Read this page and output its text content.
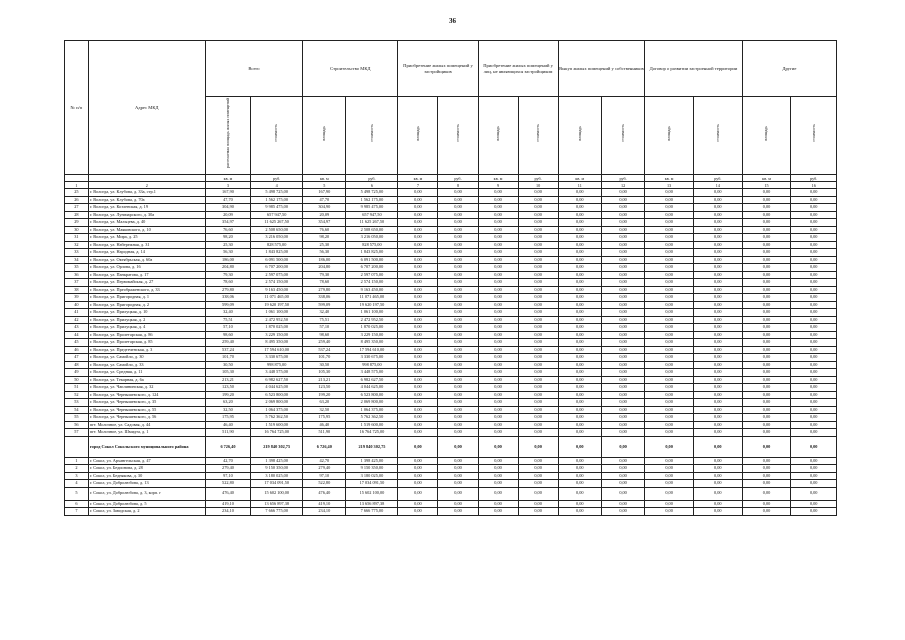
36
№ п/п	Адрес МКД	Всего		Строительство МКД		Приобретение жилых помещений у застройщиков		Приобретение жилых помещений у лиц, не являющихся застройщиком		Выкуп жилых помещений у собственников		Договор о развитии застроенной территории		Другие	
		расселяемая площадь жилых помещений	стоимость	площадь	стоимость	площадь	стоимость	площадь	стоимость	площадь	стоимость	площадь	стоимость	площадь	стоимость
		кв. м	руб.	кв. м	руб.	кв. м	руб.	кв. м	руб.	кв. м	руб.	кв. м	руб.	кв. м	руб.
1	2	3	4	5	6	7	8	9	10	11	12	13	14	15	16
25	г. Вологда, ул. Клубова, д. 33а, стр.1	167,90	5 498 725,00	167,90	5 498 725,00	0,00	0,00	0,00	0,00	0,00	0,00	0,00	0,00	0,00	0,00
26	г. Вологда, ул. Клубова, д. 70а	47,70	1 562 175,00	47,70	1 562 175,00	0,00	0,00	0,00	0,00	0,00	0,00	0,00	0,00	0,00	0,00
27	г. Вологда, ул. Козленская, д. 19	304,90	9 985 475,00	304,90	9 985 475,00	0,00	0,00	0,00	0,00	0,00	0,00	0,00	0,00	0,00	0,00
28	г. Вологда, ул. Луначарского, д. 30а	20,09	657 947,50	20,09	657 947,50	0,00	0,00	0,00	0,00	0,00	0,00	0,00	0,00	0,00	0,00
29	г. Вологда, ул. Мальцева, д. 40	354,97	11 625 267,50	354,97	11 625 267,50	0,00	0,00	0,00	0,00	0,00	0,00	0,00	0,00	0,00	0,00
30	г. Вологда, ул. Маяковского, д. 10	76,60	2 508 650,00	76,60	2 508 650,00	0,00	0,00	0,00	0,00	0,00	0,00	0,00	0,00	0,00	0,00
31	г. Вологда, ул. Мира, д. 25	98,20	3 216 050,00	98,20	3 216 050,00	0,00	0,00	0,00	0,00	0,00	0,00	0,00	0,00	0,00	0,00
32	г. Вологда, ул. Набережная, д. 31	25,30	828 575,00	25,30	828 575,00	0,00	0,00	0,00	0,00	0,00	0,00	0,00	0,00	0,00	0,00
33	г. Вологда, ул. Народная, д. 14	56,30	1 843 825,00	56,30	1 843 825,00	0,00	0,00	0,00	0,00	0,00	0,00	0,00	0,00	0,00	0,00
34	г. Вологда, ул. Октябрьская, д. 60а	186,00	6 091 500,00	186,00	6 091 500,00	0,00	0,00	0,00	0,00	0,00	0,00	0,00	0,00	0,00	0,00
35	г. Вологда, ул. Орлова, д. 16	204,80	6 707 200,00	204,80	6 707 200,00	0,00	0,00	0,00	0,00	0,00	0,00	0,00	0,00	0,00	0,00
36	г. Вологда, ул. Панкратова, д. 17	79,30	2 597 075,00	79,30	2 597 075,00	0,00	0,00	0,00	0,00	0,00	0,00	0,00	0,00	0,00	0,00
37	г. Вологда, ул. Первомайская, д. 27	78,60	2 574 150,00	78,60	2 574 150,00	0,00	0,00	0,00	0,00	0,00	0,00	0,00	0,00	0,00	0,00
38	г. Вологда, ул. Преображенского, д. 33	279,80	9 163 450,00	279,80	9 163 450,00	0,00	0,00	0,00	0,00	0,00	0,00	0,00	0,00	0,00	0,00
39	г. Вологда, ул. Пригородная, д. 1	338,06	11 071 465,00	338,06	11 071 465,00	0,00	0,00	0,00	0,00	0,00	0,00	0,00	0,00	0,00	0,00
40	г. Вологда, ул. Пригородная, д. 2	599,09	19 620 197,50	599,09	19 620 197,50	0,00	0,00	0,00	0,00	0,00	0,00	0,00	0,00	0,00	0,00
41	г. Вологда, ул. Прилуцкая, д. 10	32,40	1 061 100,00	32,40	1 061 100,00	0,00	0,00	0,00	0,00	0,00	0,00	0,00	0,00	0,00	0,00
42	г. Вологда, ул. Прилуцкая, д. 2	75,51	2 472 952,50	75,51	2 472 952,50	0,00	0,00	0,00	0,00	0,00	0,00	0,00	0,00	0,00	0,00
43	г. Вологда, ул. Прилуцкая, д. 4	57,10	1 870 025,00	57,10	1 870 025,00	0,00	0,00	0,00	0,00	0,00	0,00	0,00	0,00	0,00	0,00
44	г. Вологда, ул. Пролетарская, д. 86	98,60	3 229 150,00	98,60	3 229 150,00	0,00	0,00	0,00	0,00	0,00	0,00	0,00	0,00	0,00	0,00
45	г. Вологда, ул. Пролетарская, д. 85	259,40	8 495 350,00	259,40	8 495 350,00	0,00	0,00	0,00	0,00	0,00	0,00	0,00	0,00	0,00	0,00
46	г. Вологда, ул. Предтеченская, д. 3	537,24	17 594 610,00	537,24	17 594 610,00	0,00	0,00	0,00	0,00	0,00	0,00	0,00	0,00	0,00	0,00
47	г. Вологда, ул. Самойло, д. 30	101,70	3 330 675,00	101,70	3 330 675,00	0,00	0,00	0,00	0,00	0,00	0,00	0,00	0,00	0,00	0,00
48	г. Вологда, ул. Самойло, д. 33	30,50	998 875,00	30,50	998 875,00	0,00	0,00	0,00	0,00	0,00	0,00	0,00	0,00	0,00	0,00
49	г. Вологда, ул. Средняя, д. 11	105,30	3 448 575,00	105,30	3 448 575,00	0,00	0,00	0,00	0,00	0,00	0,00	0,00	0,00	0,00	0,00
50	г. Вологда, ул. Текарная, д. 6а	213,21	6 982 627,50	213,21	6 982 627,50	0,00	0,00	0,00	0,00	0,00	0,00	0,00	0,00	0,00	0,00
51	г. Вологда, ул. Чаплининская, д. 32	123,50	4 044 625,00	123,50	4 044 625,00	0,00	0,00	0,00	0,00	0,00	0,00	0,00	0,00	0,00	0,00
52	г. Вологда, ул. Чернышевского, д. 124	199,20	6 523 800,00	199,20	6 523 800,00	0,00	0,00	0,00	0,00	0,00	0,00	0,00	0,00	0,00	0,00
53	г. Вологда, ул. Чернышевского, д. 35	63,20	2 069 800,00	63,20	2 069 800,00	0,00	0,00	0,00	0,00	0,00	0,00	0,00	0,00	0,00	0,00
54	г. Вологда, ул. Чернышевского, д. 55	32,50	1 064 375,00	32,50	1 064 375,00	0,00	0,00	0,00	0,00	0,00	0,00	0,00	0,00	0,00	0,00
55	г. Вологда, ул. Чернышевского, д. 56	175,95	5 762 362,50	175,95	5 762 362,50	0,00	0,00	0,00	0,00	0,00	0,00	0,00	0,00	0,00	0,00
56	пгт. Молочное, ул. Садовая, д. 44	46,40	1 519 600,00	46,40	1 519 600,00	0,00	0,00	0,00	0,00	0,00	0,00	0,00	0,00	0,00	0,00
57	пгт. Молочное, ул. Шмидта, д. 1	511,90	16 764 725,00	511,90	16 764 725,00	0,00	0,00	0,00	0,00	0,00	0,00	0,00	0,00	0,00	0,00
	город Сокол Сокольского муниципального района	6 726,40	219 840 302,75	6 726,40	219 840 302,75	0,00	0,00	0,00	0,00	0,00	0,00	0,00	0,00	0,00	0,00
1	г. Сокол, ул. Архангельская, д. 47	42,70	1 398 425,00	42,70	1 398 425,00	0,00	0,00	0,00	0,00	0,00	0,00	0,00	0,00	0,00	0,00
2	г. Сокол, ул. Бедионова, д. 28	279,40	9 150 350,00	279,40	9 150 350,00	0,00	0,00	0,00	0,00	0,00	0,00	0,00	0,00	0,00	0,00
3	г. Сокол, ул. Беднякова, д. 30	97,10	3 180 025,00	97,10	3 180 025,00	0,00	0,00	0,00	0,00	0,00	0,00	0,00	0,00	0,00	0,00
4	г. Сокол, ул. Добролюбова, д. 13	522,80	17 034 091,50	522,80	17 034 091,50	0,00	0,00	0,00	0,00	0,00	0,00	0,00	0,00	0,00	0,00
5	г. Сокол, ул. Добролюбова, д. 3, корп. г	476,40	15 602 100,00	476,40	15 602 100,00	0,00	0,00	0,00	0,00	0,00	0,00	0,00	0,00	0,00	0,00
6	г. Сокол, ул. Добролюбова, д. 5	419,10	13 656 897,38	419,10	13 656 897,38	0,00	0,00	0,00	0,00	0,00	0,00	0,00	0,00	0,00	0,00
7	г. Сокол, ул. Заводская, д. 2	234,10	7 666 775,00	234,10	7 666 775,00	0,00	0,00	0,00	0,00	0,00	0,00	0,00	0,00	0,00	0,00
